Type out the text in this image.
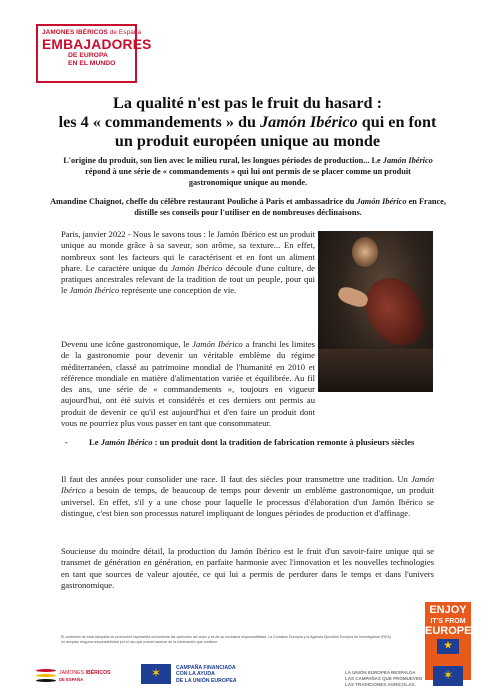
JAMONES IBÉRICOS de España
EMBAJADORES
DE EUROPA
EN EL MUNDO
La qualité n'est pas le fruit du hasard :
les 4 « commandements » du Jamón Ibérico qui en font
un produit européen unique au monde
L'origine du produit, son lien avec le milieu rural, les longues périodes de production... Le Jamón Ibérico répond à une série de « commandements » qui lui ont permis de se placer comme un produit gastronomique unique au monde.
Amandine Chaignot, cheffe du célèbre restaurant Pouliche à Paris et ambassadrice du Jamón Ibérico en France, distille ses conseils pour l'utiliser en de nombreuses déclinaisons.
Paris, janvier 2022 - Nous le savons tous : le Jamón Ibérico est un produit unique au monde grâce à sa saveur, son arôme, sa texture... En effet, nombreux sont les facteurs qui le caractérisent et en font un aliment phare. Le caractère unique du Jamón Ibérico découle d'une culture, de pratiques ancestrales relevant de la tradition de tout un peuple, pour qui le Jamón Ibérico représente une conception de vie.
Devenu une icône gastronomique, le Jamón Ibérico a franchi les limites de la gastronomie pour devenir un véritable emblème du régime méditerranéen, classé au patrimoine mondial de l'humanité en 2010 et référence mondiale en matière d'alimentation variée et équilibrée. Au fil des ans, une série de « commandements », toujours en vigueur aujourd'hui, ont été suivis et considérés et ces derniers ont permis au produit de devenir ce qu'il est aujourd'hui et d'en faire un produit dont vous ne pourriez plus vous passer en tant que consommateur.
- Le Jamón Ibérico : un produit dont la tradition de fabrication remonte à plusieurs siècles
Il faut des années pour consolider une race. Il faut des siècles pour transmettre une tradition. Un Jamón Ibérico a besoin de temps, de beaucoup de temps pour devenir un emblème gastronomique, un produit universel. En effet, s'il y a une chose pour laquelle le processus d'élaboration d'un Jamón Ibérico se distingue, c'est bien son processus naturel impliquant de longues périodes de production et d'affinage.
Soucieuse du moindre détail, la production du Jamón Ibérico est le fruit d'un savoir-faire unique qui se transmet de génération en génération, en parfaite harmonie avec l'innovation et les nouvelles technologies en tant que sources de valeur ajoutée, ce qui lui a permis de perdurer dans le temps et dans l'univers gastronomique.
El contenido de esta campaña de promoción representa únicamente las opiniones del autor y es de su exclusiva responsabilidad. La Comisión Europea y la Agencia Ejecutiva Europea de Investigación (REA) no aceptan ninguna responsabilidad por el uso que pueda hacerse de la información que contiene.
ENJOY
IT'S FROM
EUROPE
★
JAMONES IBÉRICOS
DE ESPAÑA
✶
CAMPAÑA FINANCIADA
CON LA AYUDA
DE LA UNIÓN EUROPEA
LA UNIÓN EUROPEA RESPALDA
LAS CAMPAÑAS QUE PROMUEVEN
LAS TRADICIONES AGRÍCOLAS.
✶
